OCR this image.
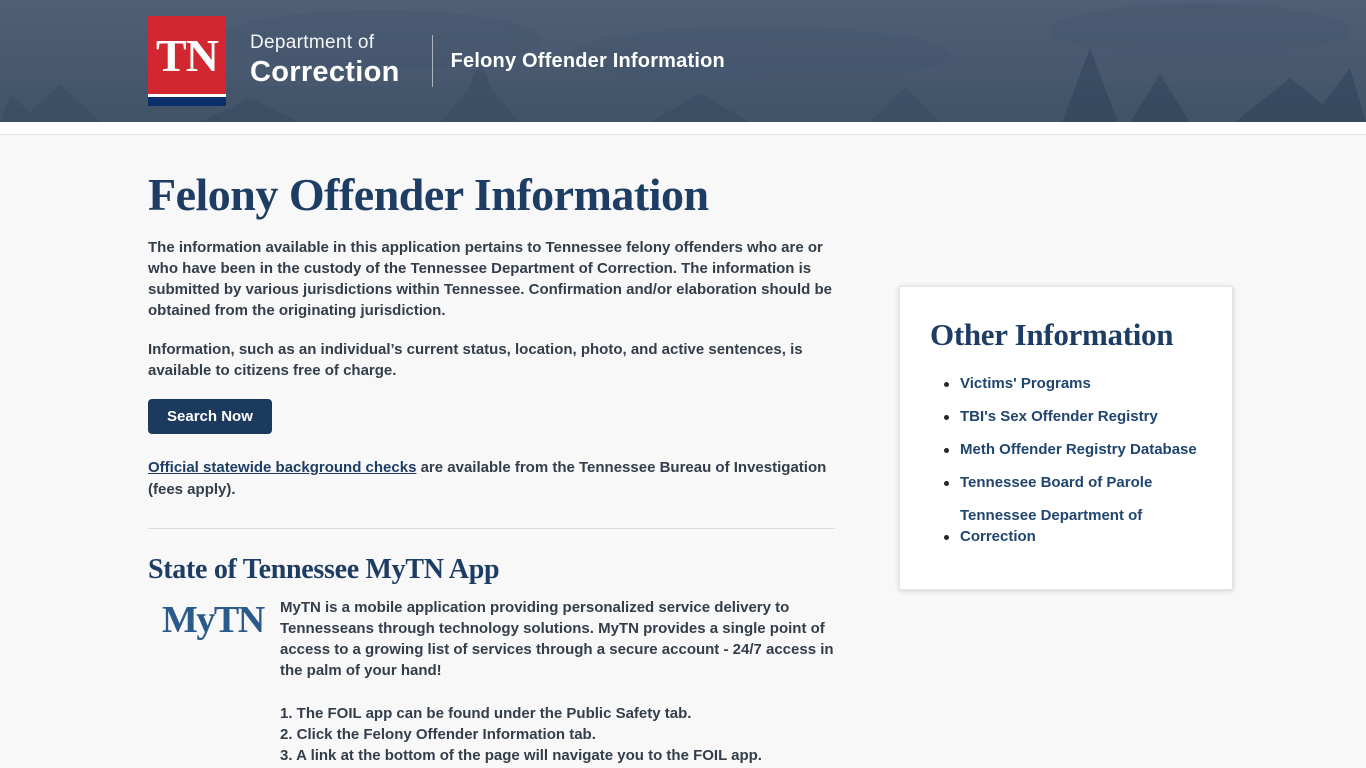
TN	Department of
Correction	Felony Offender Information
Felony Offender Information

The information available in this application pertains to Tennessee felony offenders who are or who have been in the custody of the Tennessee Department of Correction. The information is submitted by various jurisdictions within Tennessee. Confirmation and/or elaboration should be obtained from the originating jurisdiction.

Information, such as an individual’s current status, location, photo, and active sentences, is available to citizens free of charge.

Search Now

Official statewide background checks are available from the Tennessee Bureau of Investigation (fees apply).

State of Tennessee MyTN App
MyTN	MyTN is a mobile application providing personalized service delivery to Tennesseans through technology solutions. MyTN provides a single point of access to a growing list of services through a secure account - 24/7 access in the palm of your hand!

1. The FOIL app can be found under the Public Safety tab.
2. Click the Felony Offender Information tab.
3. A link at the bottom of the page will navigate you to the FOIL app.
Other Information
Victims' Programs
TBI's Sex Offender Registry
Meth Offender Registry Database
Tennessee Board of Parole
Tennessee Department of Correction
